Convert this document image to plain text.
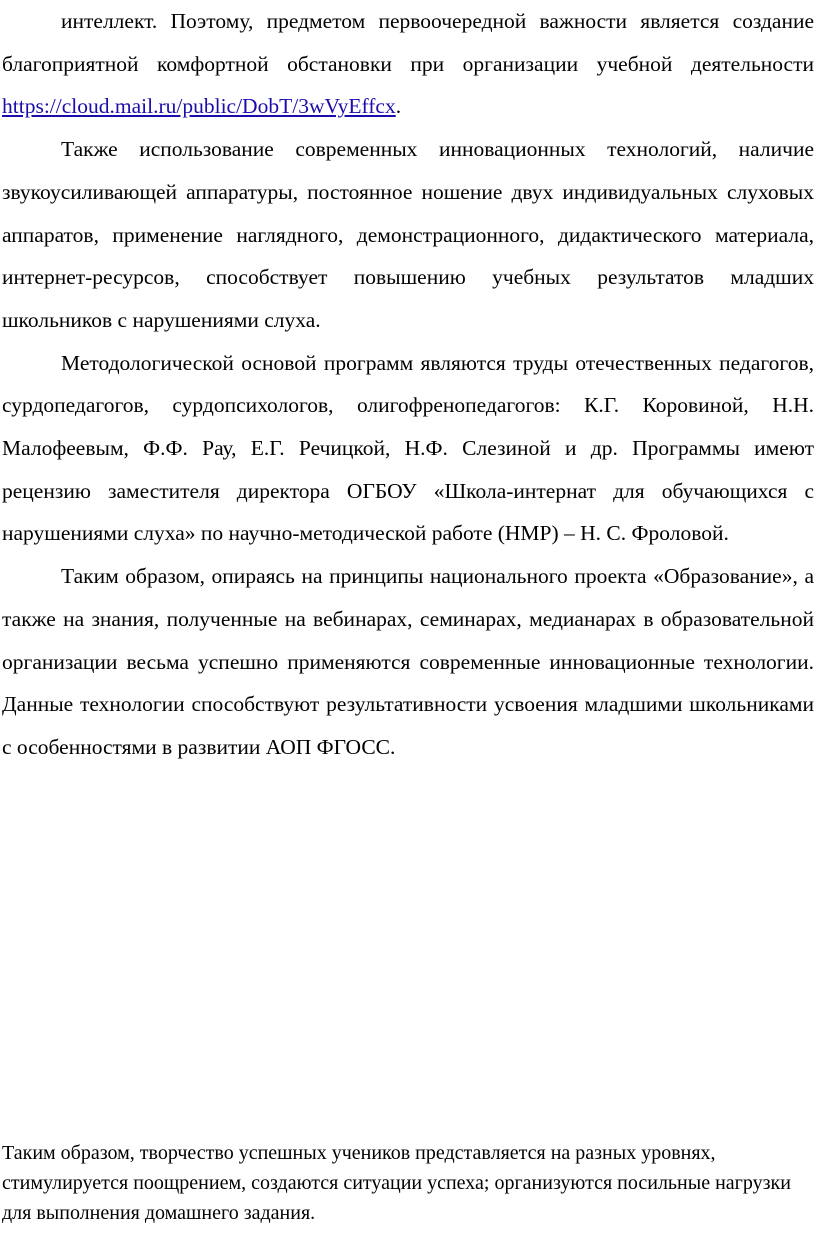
интеллект. Поэтому, предметом первоочередной важности является создание благоприятной комфортной обстановки при организации учебной деятельности https://cloud.mail.ru/public/DobT/3wVyEffcx.

Также использование современных инновационных технологий, наличие звукоусиливающей аппаратуры, постоянное ношение двух индивидуальных слуховых аппаратов, применение наглядного, демонстрационного, дидактического материала, интернет-ресурсов, способствует повышению учебных результатов младших школьников с нарушениями слуха.

Методологической основой программ являются труды отечественных педагогов, сурдопедагогов, сурдопсихологов, олигофренопедагогов: К.Г. Коровиной, Н.Н. Малофеевым, Ф.Ф. Рау, Е.Г. Речицкой, Н.Ф. Слезиной и др. Программы имеют рецензию заместителя директора ОГБОУ «Школа-интернат для обучающихся с нарушениями слуха» по научно-методической работе (НМР) – Н. С. Фроловой.

Таким образом, опираясь на принципы национального проекта «Образование», а также на знания, полученные на вебинарах, семинарах, медианарах в образовательной организации весьма успешно применяются современные инновационные технологии. Данные технологии способствуют результативности усвоения младшими школьниками с особенностями в развитии АОП ФГОСС.

Таким образом, творчество успешных учеников представляется на разных уровнях, стимулируется поощрением, создаются ситуации успеха; организуются посильные нагрузки для выполнения домашнего задания.
